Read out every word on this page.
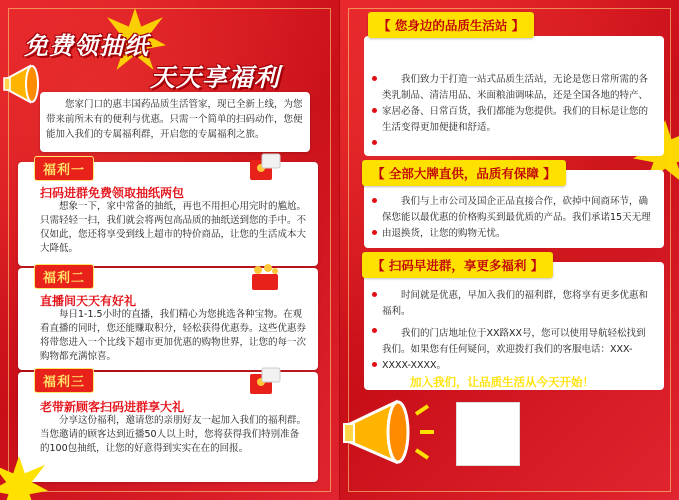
免费领抽纸
天天享福利

您家门口的惠丰国药品质生活管家，现已全新上线，为您带来前所未有的便利与优惠。只需一个简单的扫码动作，您便能加入我们的专属福利群，开启您的专属福利之旅。

福利一
扫码进群免费领取抽纸两包

想象一下，家中常备的抽纸，再也不用担心用完时的尴尬。只需轻轻一扫，我们就会将两包高品质的抽纸送到您的手中。不仅如此，您还将享受到线上超市的特价商品，让您的生活成本大大降低。

福利二
直播间天天有好礼

每日1-1.5小时的直播，我们精心为您挑选各种宝物。在观看直播的同时，您还能赚取积分，轻松获得优惠券。这些优惠券将带您进入一个比线下超市更加优惠的购物世界，让您的每一次购物都充满惊喜。

福利三
老带新顾客扫码进群享大礼

分享这份福利，邀请您的亲朋好友一起加入我们的福利群。当您邀请的顾客达到近播50人以上时，您将获得我们特别准备的100包抽纸，让您的好意得到实实在在的回报。

【 您身边的品质生活站 】

我们致力于打造一站式品质生活站，无论是您日常所需的各类乳制品、清洁用品、米面粮油调味品，还是全国各地的特产、家居必备、日常百货，我们都能为您提供。我们的目标是让您的生活变得更加便捷和舒适。

【 全部大牌直供，品质有保障 】

我们与上市公司及国企正品直接合作，砍掉中间商环节，确保您能以最优惠的价格购买到最优质的产品。我们承诺15天无理由退换货，让您的购物无忧。

【 扫码早进群，享更多福利 】

时间就是优惠，早加入我们的福利群，您将享有更多优惠和福利。

我们的门店地址位于XX路XX号，您可以使用导航轻松找到我们。如果您有任何疑问，欢迎拨打我们的客服电话：XXX-XXXX-XXXX。

加入我们，让品质生活从今天开始！
